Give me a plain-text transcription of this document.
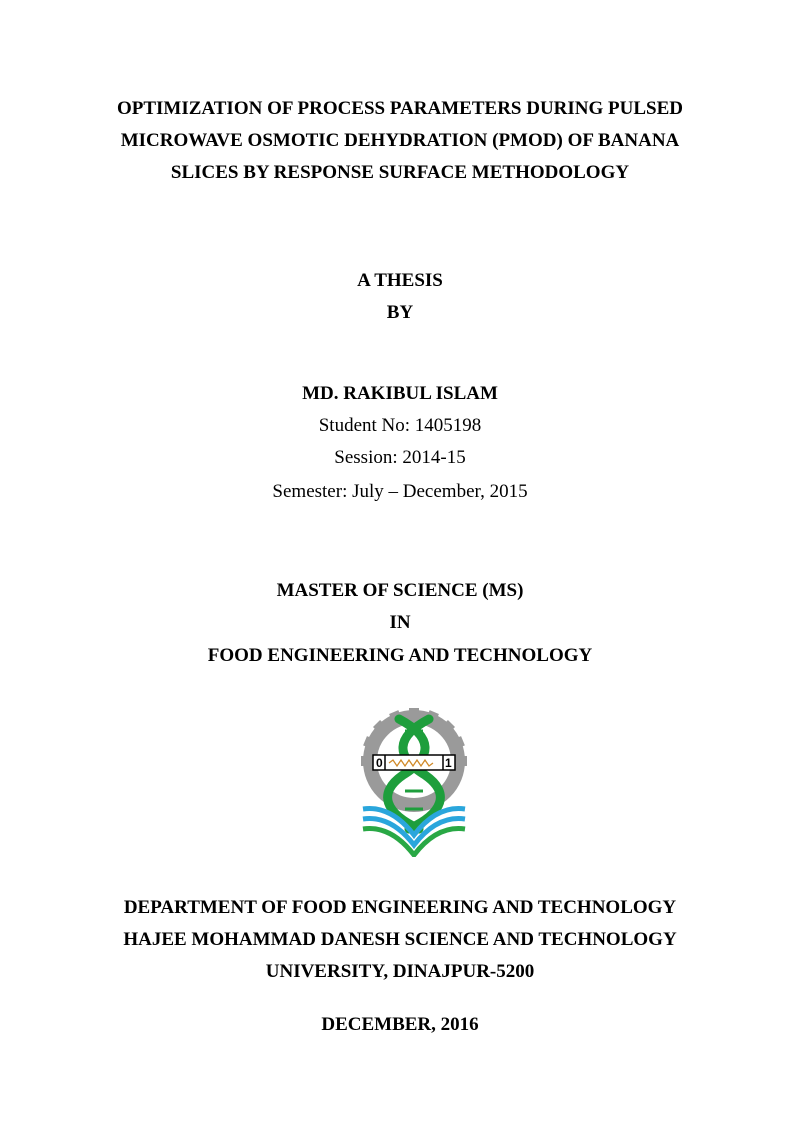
OPTIMIZATION OF PROCESS PARAMETERS DURING PULSED
MICROWAVE OSMOTIC DEHYDRATION (PMOD) OF BANANA
SLICES BY RESPONSE SURFACE METHODOLOGY
A THESIS
BY
MD. RAKIBUL ISLAM
Student No: 1405198
Session: 2014-15
Semester: July – December, 2015
MASTER OF SCIENCE (MS)
IN
FOOD ENGINEERING AND TECHNOLOGY
0	1
DEPARTMENT OF FOOD ENGINEERING AND TECHNOLOGY
HAJEE MOHAMMAD DANESH SCIENCE AND TECHNOLOGY
UNIVERSITY, DINAJPUR-5200
DECEMBER, 2016
